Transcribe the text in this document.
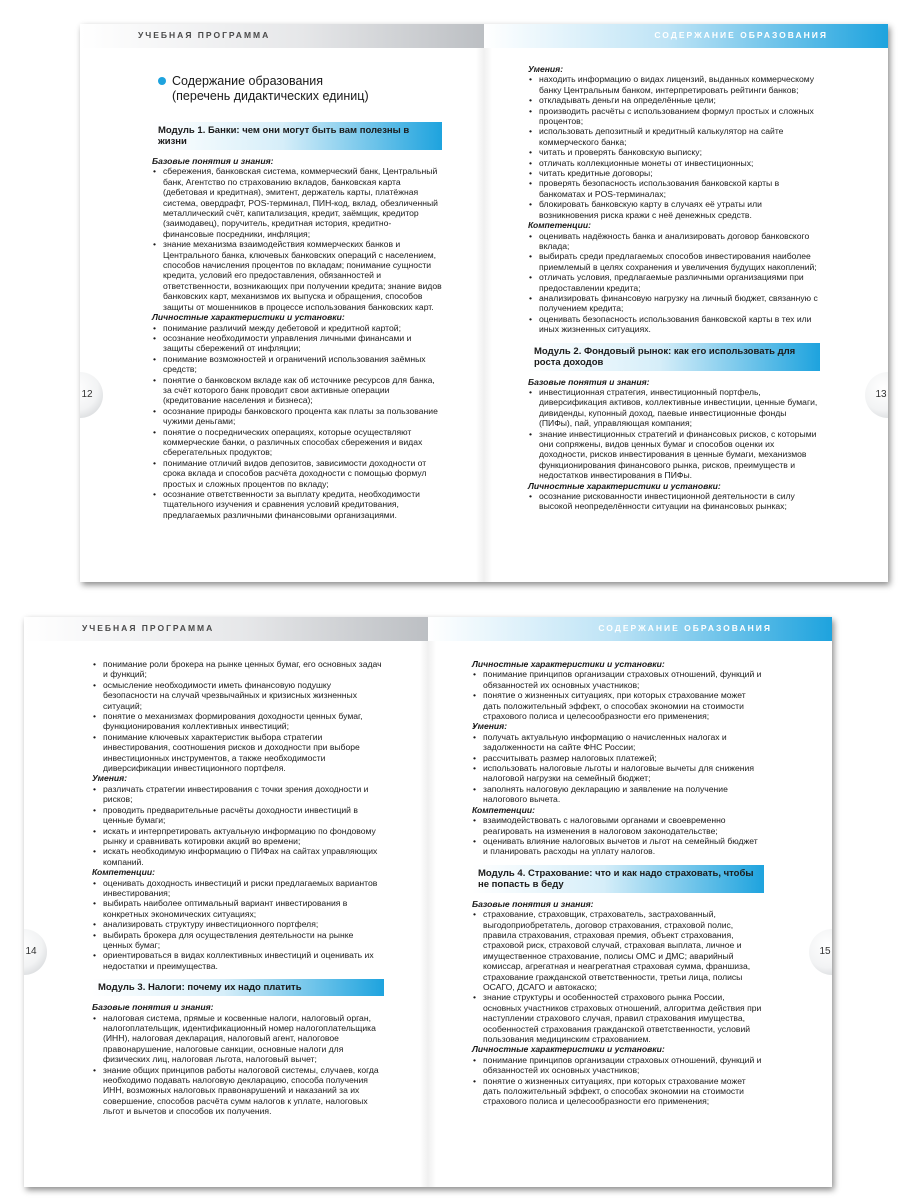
УЧЕБНАЯ ПРОГРАММА	СОДЕРЖАНИЕ ОБРАЗОВАНИЯ
12	13
Содержание образования
(перечень дидактических единиц)
Модуль 1. Банки: чем они могут быть вам полезны в жизни

Базовые понятия и знания:

• сбережения, банковская система, коммерческий банк, Центральный банк, Агентство по страхованию вкладов, банковская карта (дебетовая и кредитная), эмитент, держатель карты, платёжная система, овердрафт, POS-терминал, ПИН-код, вклад, обезличенный металлический счёт, капитализация, кредит, заёмщик, кредитор (заимодавец), поручитель, кредитная история, кредитно-финансовые посредники, инфляция;
• знание механизма взаимодействия коммерческих банков и Центрального банка, ключевых банковских операций с населением, способов начисления процентов по вкладам; понимание сущности кредита, условий его предоставления, обязанностей и ответственности, возникающих при получении кредита; знание видов банковских карт, механизмов их выпуска и обращения, способов защиты от мошенников в процессе использования банковских карт.

Личностные характеристики и установки:

• понимание различий между дебетовой и кредитной картой;
• осознание необходимости управления личными финансами и защиты сбережений от инфляции;
• понимание возможностей и ограничений использования заёмных средств;
• понятие о банковском вкладе как об источнике ресурсов для банка, за счёт которого банк проводит свои активные операции (кредитование населения и бизнеса);
• осознание природы банковского процента как платы за пользование чужими деньгами;
• понятие о посреднических операциях, которые осуществляют коммерческие банки, о различных способах сбережения и видах сберегательных продуктов;
• понимание отличий видов депозитов, зависимости доходности от срока вклада и способов расчёта доходности с помощью формул простых и сложных процентов по вкладу;
• осознание ответственности за выплату кредита, необходимости тщательного изучения и сравнения условий кредитования, предлагаемых различными финансовыми организациями.

Умения:

• находить информацию о видах лицензий, выданных коммерческому банку Центральным банком, интерпретировать рейтинги банков;
• откладывать деньги на определённые цели;
• производить расчёты с использованием формул простых и сложных процентов;
• использовать депозитный и кредитный калькулятор на сайте коммерческого банка;
• читать и проверять банковскую выписку;
• отличать коллекционные монеты от инвестиционных;
• читать кредитные договоры;
• проверять безопасность использования банковской карты в банкоматах и POS-терминалах;
• блокировать банковскую карту в случаях её утраты или возникновения риска кражи с неё денежных средств.

Компетенции:

• оценивать надёжность банка и анализировать договор банковского вклада;
• выбирать среди предлагаемых способов инвестирования наиболее приемлемый в целях сохранения и увеличения будущих накоплений;
• отличать условия, предлагаемые различными организациями при предоставлении кредита;
• анализировать финансовую нагрузку на личный бюджет, связанную с получением кредита;
• оценивать безопасность использования банковской карты в тех или иных жизненных ситуациях.
Модуль 2. Фондовый рынок: как его использовать для роста доходов

Базовые понятия и знания:

• инвестиционная стратегия, инвестиционный портфель, диверсификация активов, коллективные инвестиции, ценные бумаги, дивиденды, купонный доход, паевые инвестиционные фонды (ПИФы), пай, управляющая компания;
• знание инвестиционных стратегий и финансовых рисков, с которыми они сопряжены, видов ценных бумаг и способов оценки их доходности, рисков инвестирования в ценные бумаги, механизмов функционирования финансового рынка, рисков, преимуществ и недостатков инвестирования в ПИФы.

Личностные характеристики и установки:

• осознание рискованности инвестиционной деятельности в силу высокой неопределённости ситуации на финансовых рынках;
УЧЕБНАЯ ПРОГРАММА	СОДЕРЖАНИЕ ОБРАЗОВАНИЯ
14	15
• понимание роли брокера на рынке ценных бумаг, его основных задач и функций;
• осмысление необходимости иметь финансовую подушку безопасности на случай чрезвычайных и кризисных жизненных ситуаций;
• понятие о механизмах формирования доходности ценных бумаг, функционирования коллективных инвестиций;
• понимание ключевых характеристик выбора стратегии инвестирования, соотношения рисков и доходности при выборе инвестиционных инструментов, а также необходимости диверсификации инвестиционного портфеля.

Умения:

• различать стратегии инвестирования с точки зрения доходности и рисков;
• проводить предварительные расчёты доходности инвестиций в ценные бумаги;
• искать и интерпретировать актуальную информацию по фондовому рынку и сравнивать котировки акций во времени;
• искать необходимую информацию о ПИФах на сайтах управляющих компаний.

Компетенции:

• оценивать доходность инвестиций и риски предлагаемых вариантов инвестирования;
• выбирать наиболее оптимальный вариант инвестирования в конкретных экономических ситуациях;
• анализировать структуру инвестиционного портфеля;
• выбирать брокера для осуществления деятельности на рынке ценных бумаг;
• ориентироваться в видах коллективных инвестиций и оценивать их недостатки и преимущества.
Модуль 3. Налоги: почему их надо платить

Базовые понятия и знания:

• налоговая система, прямые и косвенные налоги, налоговый орган, налогоплательщик, идентификационный номер налогоплательщика (ИНН), налоговая декларация, налоговый агент, налоговое правонарушение, налоговые санкции, основные налоги для физических лиц, налоговая льгота, налоговый вычет;
• знание общих принципов работы налоговой системы, случаев, когда необходимо подавать налоговую декларацию, способа получения ИНН, возможных налоговых правонарушений и наказаний за их совершение, способов расчёта сумм налогов к уплате, налоговых льгот и вычетов и способов их получения.

Личностные характеристики и установки:

• понимание принципов организации страховых отношений, функций и обязанностей их основных участников;
• понятие о жизненных ситуациях, при которых страхование может дать положительный эффект, о способах экономии на стоимости страхового полиса и целесообразности его применения;

Умения:

• получать актуальную информацию о начисленных налогах и задолженности на сайте ФНС России;
• рассчитывать размер налоговых платежей;
• использовать налоговые льготы и налоговые вычеты для снижения налоговой нагрузки на семейный бюджет;
• заполнять налоговую декларацию и заявление на получение налогового вычета.

Компетенции:

• взаимодействовать с налоговыми органами и своевременно реагировать на изменения в налоговом законодательстве;
• оценивать влияние налоговых вычетов и льгот на семейный бюджет и планировать расходы на уплату налогов.
Модуль 4. Страхование: что и как надо страховать, чтобы не попасть в беду

Базовые понятия и знания:

• страхование, страховщик, страхователь, застрахованный, выгодоприобретатель, договор страхования, страховой полис, правила страхования, страховая премия, объект страхования, страховой риск, страховой случай, страховая выплата, личное и имущественное страхование, полисы ОМС и ДМС; аварийный комиссар, агрегатная и неагрегатная страховая сумма, франшиза, страхование гражданской ответственности, третьи лица, полисы ОСАГО, ДСАГО и автокаско;
• знание структуры и особенностей страхового рынка России, основных участников страховых отношений, алгоритма действия при наступлении страхового случая, правил страхования имущества, особенностей страхования гражданской ответственности, условий пользования медицинским страхованием.

Личностные характеристики и установки:

• понимание принципов организации страховых отношений, функций и обязанностей их основных участников;
• понятие о жизненных ситуациях, при которых страхование может дать положительный эффект, о способах экономии на стоимости страхового полиса и целесообразности его применения;
